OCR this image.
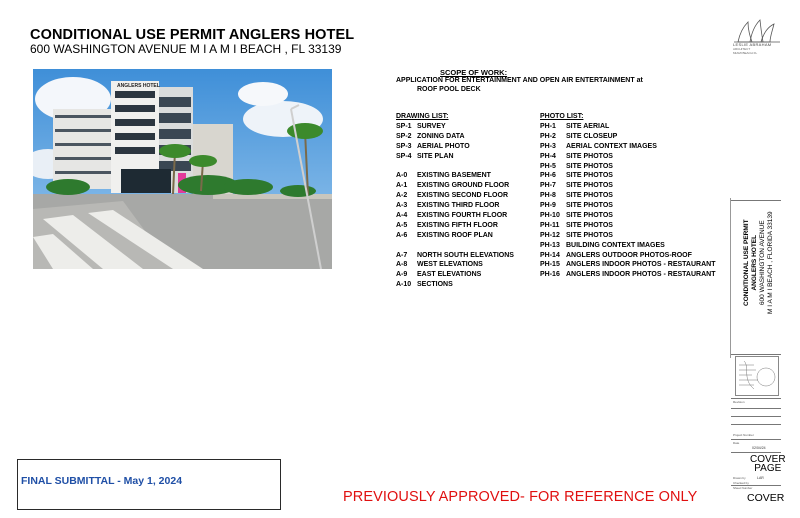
CONDITIONAL USE PERMIT ANGLERS HOTEL
600 WASHINGTON AVENUE M I A M I BEACH , FL 33139
ANGLERS HOTEL
SCOPE OF WORK:
APPLICATION FOR ENTERTAINMENT AND OPEN AIR ENTERTAINMENT at
ROOF POOL DECK
DRAWING LIST:
SP-1 SURVEY
SP-2 ZONING DATA
SP-3 AERIAL PHOTO
SP-4 SITE PLAN
A-0	EXISTING BASEMENT
A-1	EXISTING GROUND FLOOR
A-2	EXISTING SECOND FLOOR
A-3	EXISTING THIRD FLOOR
A-4	EXISTING FOURTH FLOOR
A-5	EXISTING FIFTH FLOOR
A-6	EXISTING ROOF PLAN
A-7	NORTH SOUTH ELEVATIONS
A-8	WEST ELEVATIONS
A-9	EAST ELEVATIONS
A-10 SECTIONS
PHOTO LIST:
PH-1	SITE AERIAL
PH-2	SITE CLOSEUP
PH-3	AERIAL CONTEXT IMAGES
PH-4	SITE PHOTOS
PH-5	SITE PHOTOS
PH-6	SITE PHOTOS
PH-7	SITE PHOTOS
PH-8	SITE PHOTOS
PH-9	SITE PHOTOS
PH-10 SITE PHOTOS
PH-11 SITE PHOTOS
PH-12 SITE PHOTOS
PH-13 BUILDING CONTEXT IMAGES
PH-14 ANGLERS OUTDOOR PHOTOS-ROOF
PH-15 ANGLERS INDOOR PHOTOS - RESTAURANT
PH-16 ANGLERS INDOOR PHOTOS - RESTAURANT
FINAL SUBMITTAL - May 1, 2024
PREVIOUSLY APPROVED- FOR REFERENCE ONLY
LESLIE ABRAHAM
ARCHITECT
MIAMI BEACH FL
CONDITIONAL USE PERMIT ANGLERS HOTEL 600 WASHINGTON AVENUE M I A M I BEACH , FLORIDA 33139
Revision
Project Number
Date
02/04/24
COVER
PAGE
Drawn by	LAR
Checked by
Sheet Number
COVER
